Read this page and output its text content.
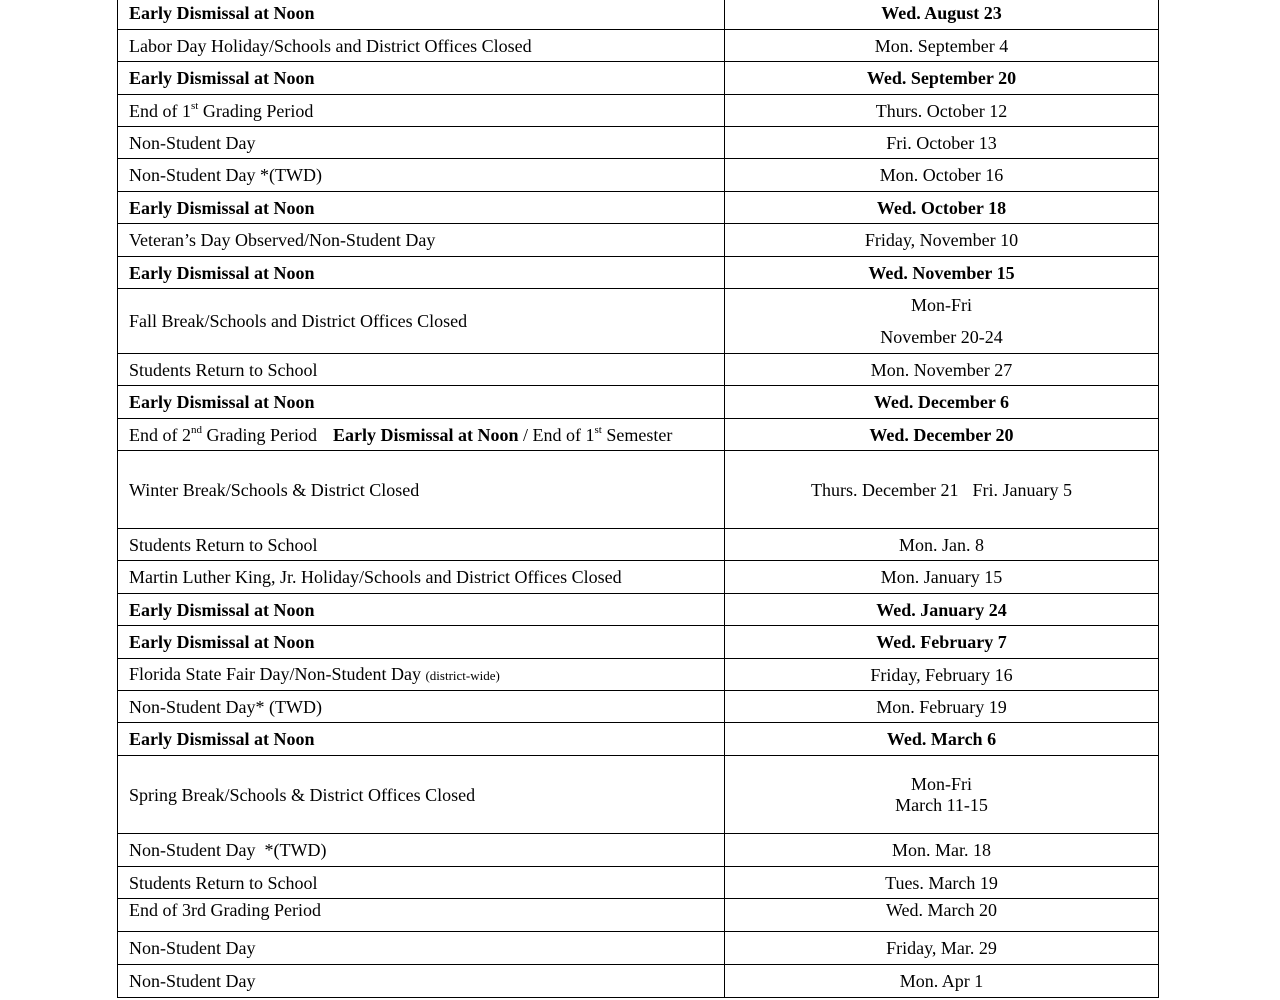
Early Dismissal at Noon	Wed. August 23
Labor Day Holiday/Schools and District Offices Closed	Mon. September 4
Early Dismissal at Noon	Wed. September 20
End of 1st Grading Period	Thurs. October 12
Non-Student Day	Fri. October 13
Non-Student Day *(TWD)	Mon. October 16
Early Dismissal at Noon	Wed. October 18
Veteran’s Day Observed/Non-Student Day	Friday, November 10
Early Dismissal at Noon	Wed. November 15
Fall Break/Schools and District Offices Closed	Mon-Fri
November 20-24

Students Return to School	Mon. November 27
Early Dismissal at Noon	Wed. December 6
End of 2nd Grading Period Early Dismissal at Noon / End of 1st Semester	Wed. December 20
Winter Break/Schools & District Closed	Thurs. December 21 Fri. January 5
Students Return to School	Mon. Jan. 8
Martin Luther King, Jr. Holiday/Schools and District Offices Closed	Mon. January 15
Early Dismissal at Noon	Wed. January 24
Early Dismissal at Noon	Wed. February 7
Florida State Fair Day/Non-Student Day (district-wide)	Friday, February 16
Non-Student Day* (TWD)	Mon. February 19
Early Dismissal at Noon	Wed. March 6
Spring Break/Schools & District Offices Closed	Mon-Fri
March 11-15

Non-Student Day  *(TWD)	Mon. Mar. 18
Students Return to School	Tues. March 19
End of 3rd Grading Period	Wed. March 20
Non-Student Day	Friday, Mar. 29
Non-Student Day	Mon. Apr 1
